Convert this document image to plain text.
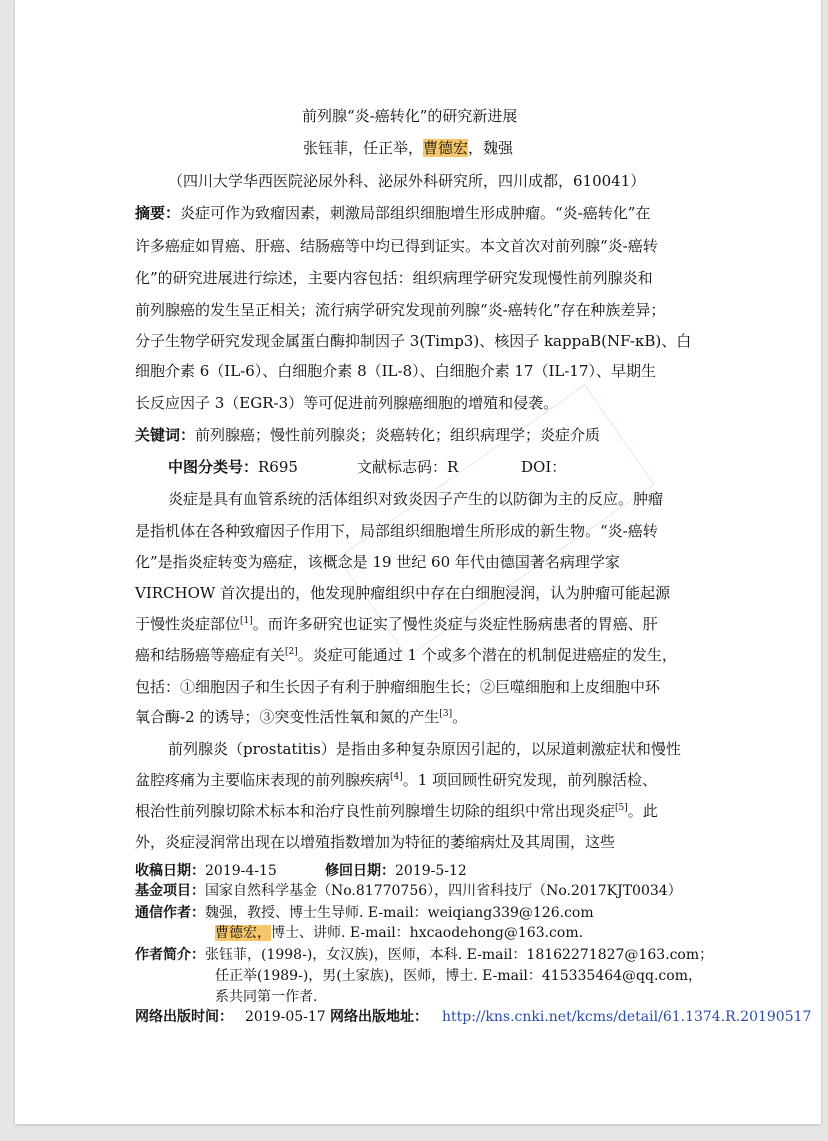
前列腺“炎-癌转化”的研究新进展
张钰菲，任正举，曹德宏，魏强
（四川大学华西医院泌尿外科、泌尿外科研究所，四川成都，610041）
摘要：炎症可作为致瘤因素，刺激局部组织细胞增生形成肿瘤。“炎-癌转化”在
许多癌症如胃癌、肝癌、结肠癌等中均已得到证实。本文首次对前列腺“炎-癌转
化”的研究进展进行综述，主要内容包括：组织病理学研究发现慢性前列腺炎和
前列腺癌的发生呈正相关；流行病学研究发现前列腺“炎-癌转化”存在种族差异；
分子生物学研究发现金属蛋白酶抑制因子 3(Timp3)、核因子 kappaB(NF-κB)、白
细胞介素 6（IL-6）、白细胞介素 8（IL-8）、白细胞介素 17（IL-17）、早期生
长反应因子 3（EGR-3）等可促进前列腺癌细胞的增殖和侵袭。
关键词：前列腺癌；慢性前列腺炎；炎癌转化；组织病理学；炎症介质
中图分类号：R695	文献标志码：R	DOI：
炎症是具有血管系统的活体组织对致炎因子产生的以防御为主的反应。肿瘤
是指机体在各种致瘤因子作用下，局部组织细胞增生所形成的新生物。“炎-癌转
化”是指炎症转变为癌症，该概念是 19 世纪 60 年代由德国著名病理学家
VIRCHOW 首次提出的，他发现肿瘤组织中存在白细胞浸润，认为肿瘤可能起源
于慢性炎症部位[1]。而许多研究也证实了慢性炎症与炎症性肠病患者的胃癌、肝
癌和结肠癌等癌症有关[2]。炎症可能通过 1 个或多个潜在的机制促进癌症的发生，
包括：①细胞因子和生长因子有利于肿瘤细胞生长；②巨噬细胞和上皮细胞中环
氧合酶-2 的诱导；③突变性活性氧和氮的产生[3]。
前列腺炎（prostatitis）是指由多种复杂原因引起的，以尿道刺激症状和慢性
盆腔疼痛为主要临床表现的前列腺疾病[4]。1 项回顾性研究发现，前列腺活检、
根治性前列腺切除术标本和治疗良性前列腺增生切除的组织中常出现炎症[5]。此
外，炎症浸润常出现在以增殖指数增加为特征的萎缩病灶及其周围，这些
收稿日期：2019-4-15	修回日期：2019-5-12
基金项目：国家自然科学基金（No.81770756），四川省科技厅（No.2017KJT0034）
通信作者：魏强，教授、博士生导师. E-mail：weiqiang339@126.com
曹德宏，博士、讲师. E-mail：hxcaodehong@163.com.
作者简介：张钰菲，(1998-)，女汉族)，医师，本科. E-mail：18162271827@163.com；
任正举(1989-)，男(土家族)，医师，博士. E-mail：415335464@qq.com，
系共同第一作者.
网络出版时间： 2019-05-17 网络出版地址： http://kns.cnki.net/kcms/detail/61.1374.R.20190517
